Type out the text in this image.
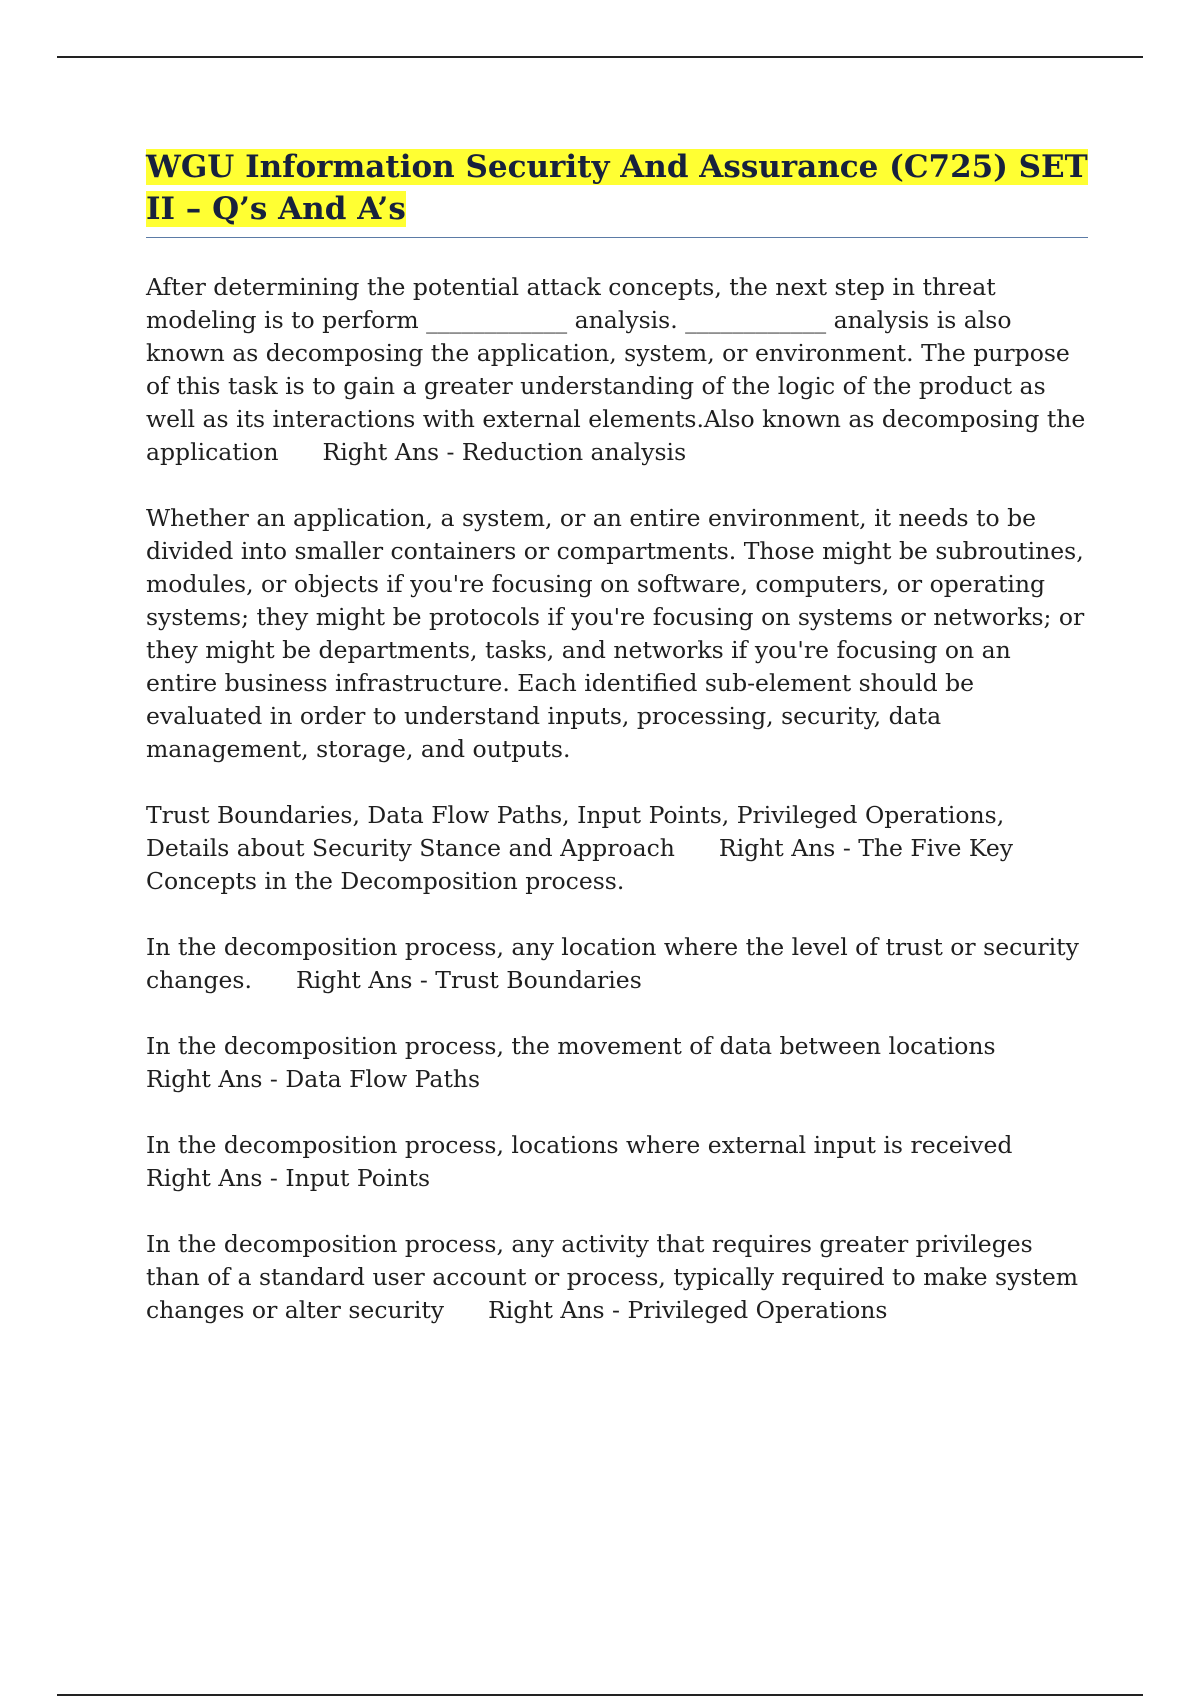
WGU Information Security And Assurance (C725) SET II – Q’s And A’s

After determining the potential attack concepts, the next step in threat modeling is to perform ____________ analysis. ____________ analysis is also known as decomposing the application, system, or environment. The purpose of this task is to gain a greater understanding of the logic of the product as well as its interactions with external elements.Also known as decomposing the application Right Ans - Reduction analysis

Whether an application, a system, or an entire environment, it needs to be divided into smaller containers or compartments. Those might be subroutines, modules, or objects if you're focusing on software, computers, or operating systems; they might be protocols if you're focusing on systems or networks; or they might be departments, tasks, and networks if you're focusing on an entire business infrastructure. Each identified sub-element should be evaluated in order to understand inputs, processing, security, data management, storage, and outputs.

Trust Boundaries, Data Flow Paths, Input Points, Privileged Operations, Details about Security Stance and Approach Right Ans - The Five Key Concepts in the Decomposition process.

In the decomposition process, any location where the level of trust or security changes. Right Ans - Trust Boundaries

In the decomposition process, the movement of data between locations
Right Ans - Data Flow Paths

In the decomposition process, locations where external input is received
Right Ans - Input Points

In the decomposition process, any activity that requires greater privileges than of a standard user account or process, typically required to make system changes or alter security Right Ans - Privileged Operations
